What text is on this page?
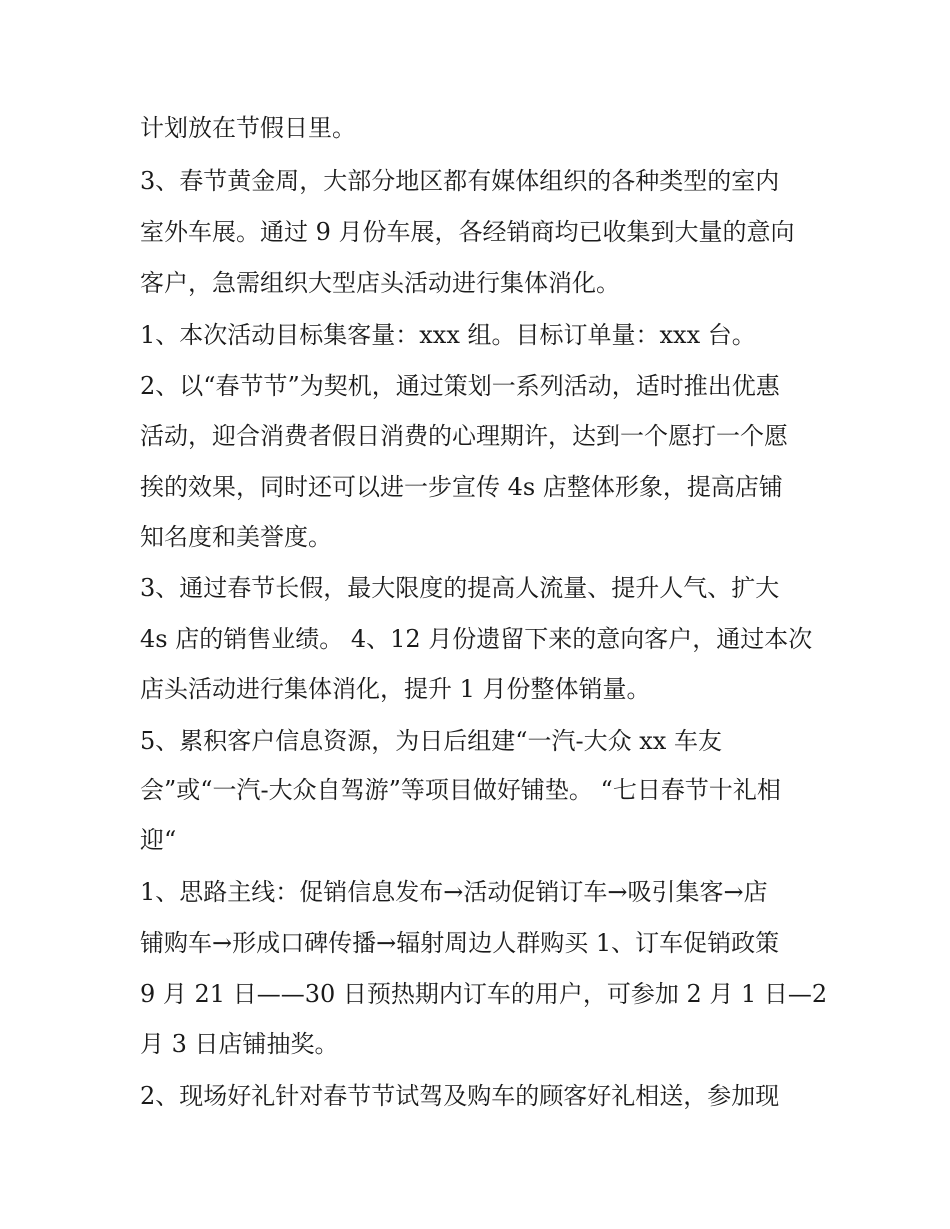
计划放在节假日里。
3、春节黄金周，大部分地区都有媒体组织的各种类型的室内
室外车展。通过 9 月份车展，各经销商均已收集到大量的意向
客户，急需组织大型店头活动进行集体消化。
1、本次活动目标集客量：xxx 组。目标订单量：xxx 台。
2、以“春节节”为契机，通过策划一系列活动，适时推出优惠
活动，迎合消费者假日消费的心理期许，达到一个愿打一个愿
挨的效果，同时还可以进一步宣传 4s 店整体形象，提高店铺
知名度和美誉度。
3、通过春节长假，最大限度的提高人流量、提升人气、扩大
4s 店的销售业绩。 4、12 月份遗留下来的意向客户，通过本次
店头活动进行集体消化，提升 1 月份整体销量。
5、累积客户信息资源，为日后组建“一汽-大众 xx 车友
会”或“一汽-大众自驾游”等项目做好铺垫。 “七日春节十礼相
迎“
1、思路主线：促销信息发布→活动促销订车→吸引集客→店
铺购车→形成口碑传播→辐射周边人群购买 1、订车促销政策
9 月 21 日——30 日预热期内订车的用户，可参加 2 月 1 日—2
月 3 日店铺抽奖。
2、现场好礼针对春节节试驾及购车的顾客好礼相送，参加现
